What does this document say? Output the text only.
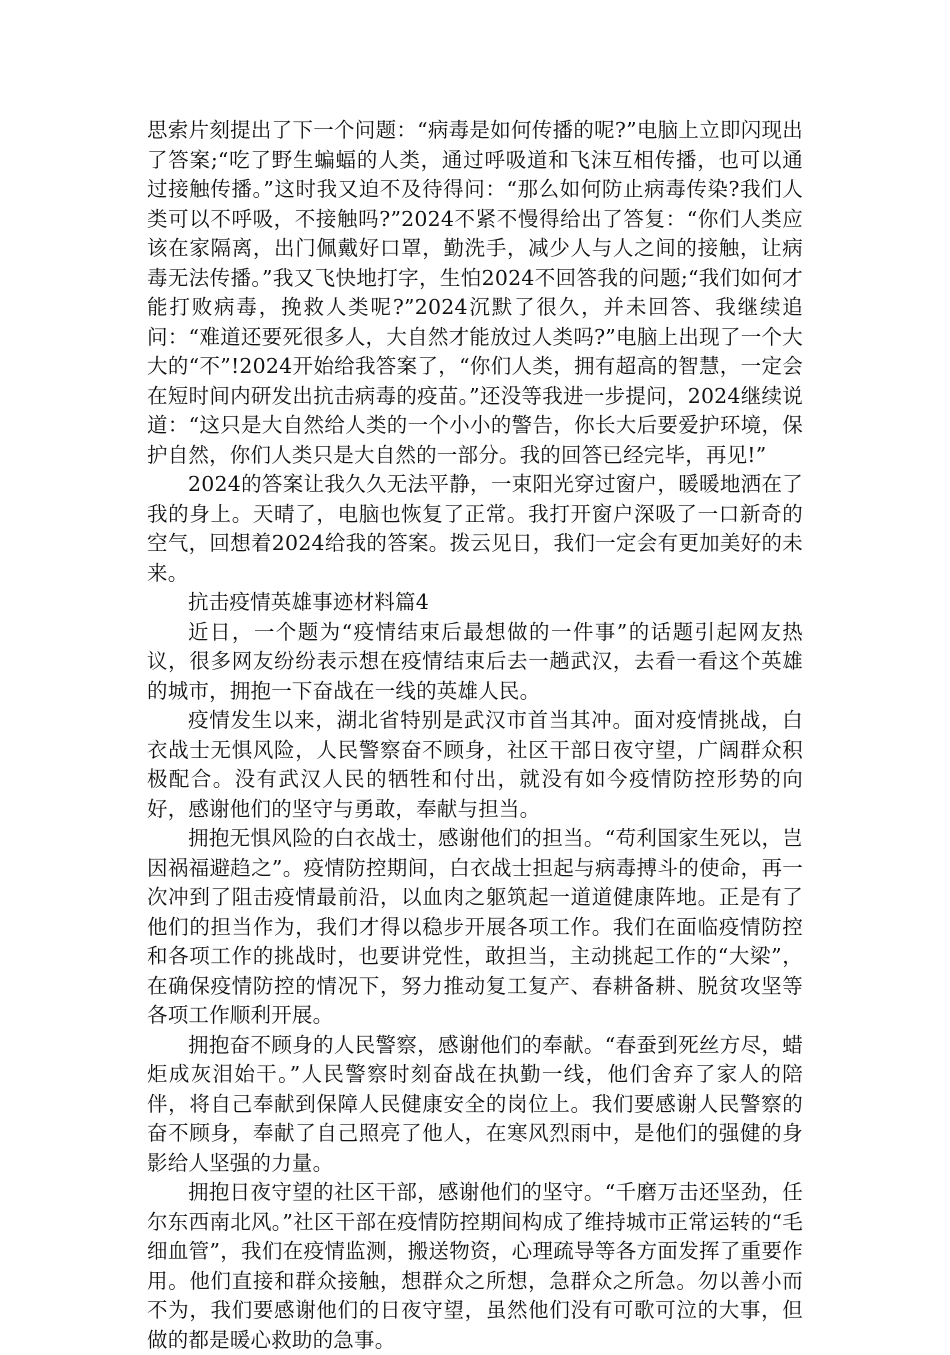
思索片刻提出了下一个问题：“病毒是如何传播的呢?”电脑上立即闪现出了答案;“吃了野生蝙蝠的人类，通过呼吸道和飞沫互相传播，也可以通过接触传播。”这时我又迫不及待得问：“那么如何防止病毒传染?我们人类可以不呼吸，不接触吗?”2024不紧不慢得给出了答复：“你们人类应该在家隔离，出门佩戴好口罩，勤洗手，减少人与人之间的接触，让病毒无法传播。”我又飞快地打字，生怕2024不回答我的问题;“我们如何才能打败病毒，挽救人类呢?”2024沉默了很久，并未回答、我继续追问：“难道还要死很多人，大自然才能放过人类吗?”电脑上出现了一个大大的“不”!2024开始给我答案了，“你们人类，拥有超高的智慧，一定会在短时间内研发出抗击病毒的疫苗。”还没等我进一步提问，2024继续说道：“这只是大自然给人类的一个小小的警告，你长大后要爱护环境，保护自然，你们人类只是大自然的一部分。我的回答已经完毕，再见!”

2024的答案让我久久无法平静，一束阳光穿过窗户，暖暖地洒在了我的身上。天晴了，电脑也恢复了正常。我打开窗户深吸了一口新奇的空气，回想着2024给我的答案。拨云见日，我们一定会有更加美好的未来。

抗击疫情英雄事迹材料篇4

近日，一个题为“疫情结束后最想做的一件事”的话题引起网友热议，很多网友纷纷表示想在疫情结束后去一趟武汉，去看一看这个英雄的城市，拥抱一下奋战在一线的英雄人民。

疫情发生以来，湖北省特别是武汉市首当其冲。面对疫情挑战，白衣战士无惧风险，人民警察奋不顾身，社区干部日夜守望，广阔群众积极配合。没有武汉人民的牺牲和付出，就没有如今疫情防控形势的向好，感谢他们的坚守与勇敢，奉献与担当。

拥抱无惧风险的白衣战士，感谢他们的担当。“苟利国家生死以，岂因祸福避趋之”。疫情防控期间，白衣战士担起与病毒搏斗的使命，再一次冲到了阻击疫情最前沿，以血肉之躯筑起一道道健康阵地。正是有了他们的担当作为，我们才得以稳步开展各项工作。我们在面临疫情防控和各项工作的挑战时，也要讲党性，敢担当，主动挑起工作的“大梁”，在确保疫情防控的情况下，努力推动复工复产、春耕备耕、脱贫攻坚等各项工作顺利开展。

拥抱奋不顾身的人民警察，感谢他们的奉献。“春蚕到死丝方尽，蜡炬成灰泪始干。”人民警察时刻奋战在执勤一线，他们舍弃了家人的陪伴，将自己奉献到保障人民健康安全的岗位上。我们要感谢人民警察的奋不顾身，奉献了自己照亮了他人，在寒风烈雨中，是他们的强健的身影给人坚强的力量。

拥抱日夜守望的社区干部，感谢他们的坚守。“千磨万击还坚劲，任尔东西南北风。”社区干部在疫情防控期间构成了维持城市正常运转的“毛细血管”，我们在疫情监测，搬送物资，心理疏导等各方面发挥了重要作用。他们直接和群众接触，想群众之所想，急群众之所急。勿以善小而不为，我们要感谢他们的日夜守望，虽然他们没有可歌可泣的大事，但做的都是暖心救助的急事。
